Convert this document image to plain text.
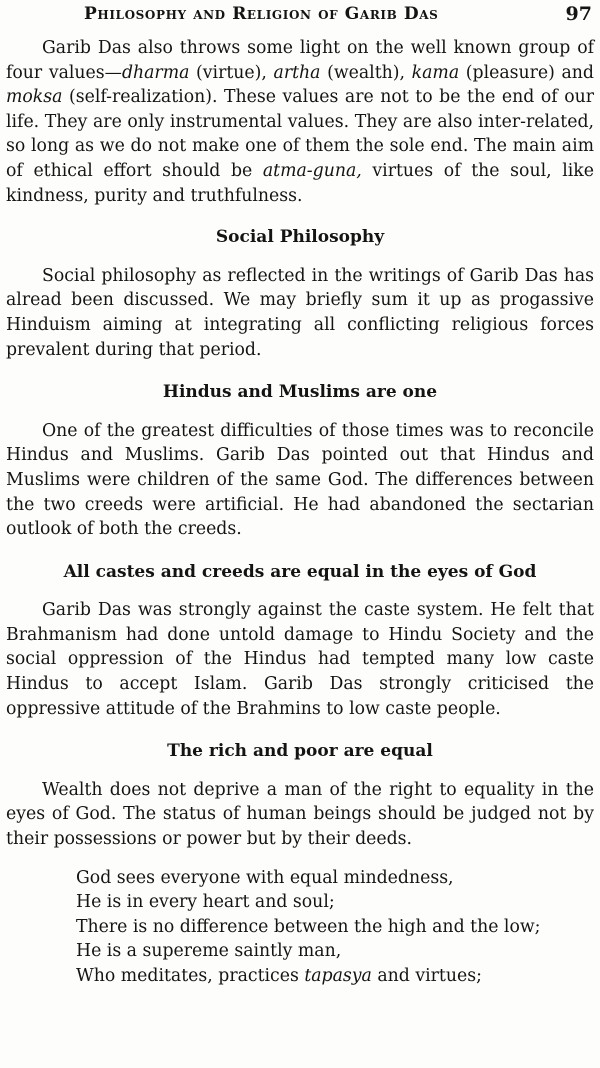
Philosophy and Religion of Garib Das	97

Garib Das also throws some light on the well known group of four values—dharma (virtue), artha (wealth), kama (pleasure) and moksa (self-realization). These values are not to be the end of our life. They are only instrumental values. They are also inter-related, so long as we do not make one of them the sole end. The main aim of ethical effort should be atma-guna, virtues of the soul, like kindness, purity and truthfulness.

Social Philosophy

Social philosophy as reflected in the writings of Garib Das has alread been discussed. We may briefly sum it up as progassive Hinduism aiming at integrating all conflicting religious forces prevalent during that period.

Hindus and Muslims are one

One of the greatest difficulties of those times was to reconcile Hindus and Muslims. Garib Das pointed out that Hindus and Muslims were children of the same God. The differences between the two creeds were artificial. He had abandoned the sectarian outlook of both the creeds.

All castes and creeds are equal in the eyes of God

Garib Das was strongly against the caste system. He felt that Brahmanism had done untold damage to Hindu Society and the social oppression of the Hindus had tempted many low caste Hindus to accept Islam. Garib Das strongly criticised the oppressive attitude of the Brahmins to low caste people.

The rich and poor are equal

Wealth does not deprive a man of the right to equality in the eyes of God. The status of human beings should be judged not by their possessions or power but by their deeds.

God sees everyone with equal mindedness,
He is in every heart and soul;
There is no difference between the high and the low;
He is a supereme saintly man,
Who meditates, practices tapasya and virtues;
